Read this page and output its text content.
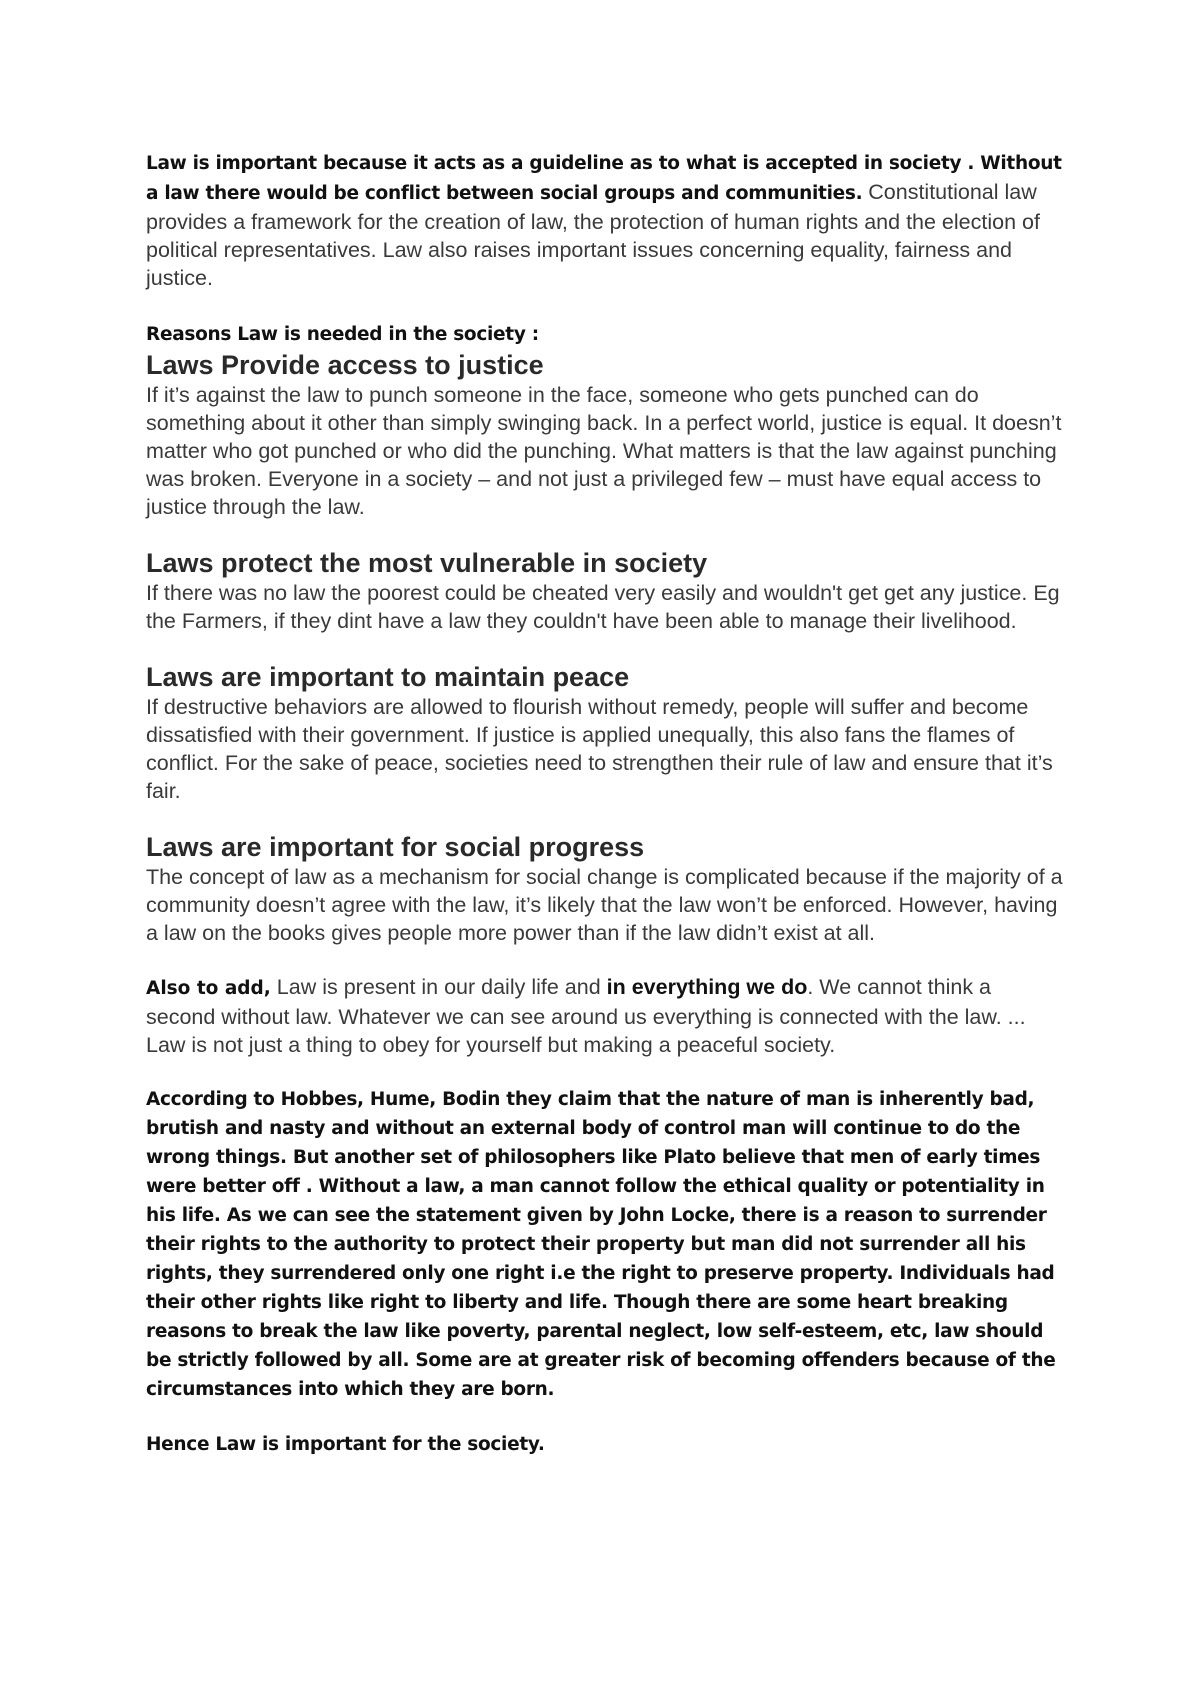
Law is important because it acts as a guideline as to what is accepted in society . Without a law there would be conflict between social groups and communities. Constitutional law provides a framework for the creation of law, the protection of human rights and the election of political representatives. Law also raises important issues concerning equality, fairness and justice.

Reasons Law is needed in the society :

Laws Provide access to justice

If it’s against the law to punch someone in the face, someone who gets punched can do something about it other than simply swinging back. In a perfect world, justice is equal. It doesn’t matter who got punched or who did the punching. What matters is that the law against punching was broken. Everyone in a society – and not just a privileged few – must have equal access to justice through the law.

Laws protect the most vulnerable in society

If there was no law the poorest could be cheated very easily and wouldn't get get any justice. Eg the Farmers, if they dint have a law they couldn't have been able to manage their livelihood.

Laws are important to maintain peace

If destructive behaviors are allowed to flourish without remedy, people will suffer and become dissatisfied with their government. If justice is applied unequally, this also fans the flames of conflict. For the sake of peace, societies need to strengthen their rule of law and ensure that it’s fair.

Laws are important for social progress

The concept of law as a mechanism for social change is complicated because if the majority of a community doesn’t agree with the law, it’s likely that the law won’t be enforced. However, having a law on the books gives people more power than if the law didn’t exist at all.

Also to add, Law is present in our daily life and in everything we do. We cannot think a second without law. Whatever we can see around us everything is connected with the law. ... Law is not just a thing to obey for yourself but making a peaceful society.

According to Hobbes, Hume, Bodin they claim that the nature of man is inherently bad, brutish and nasty and without an external body of control man will continue to do the wrong things. But another set of philosophers like Plato believe that men of early times were better off . Without a law, a man cannot follow the ethical quality or potentiality in his life. As we can see the statement given by John Locke, there is a reason to surrender their rights to the authority to protect their property but man did not surrender all his rights, they surrendered only one right i.e the right to preserve property. Individuals had their other rights like right to liberty and life. Though there are some heart breaking reasons to break the law like poverty, parental neglect, low self-esteem, etc, law should be strictly followed by all. Some are at greater risk of becoming offenders because of the circumstances into which they are born.

Hence Law is important for the society.
